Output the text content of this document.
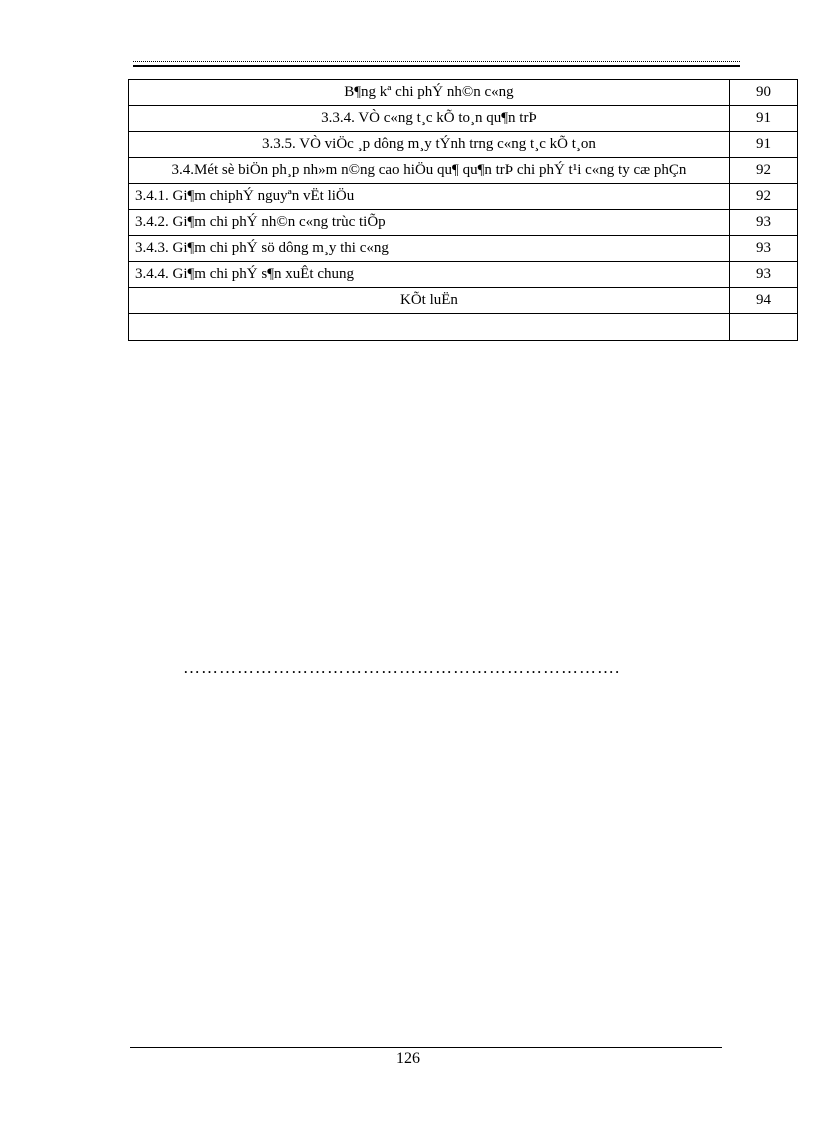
B¶ng kª chi phÝ nh©n c«ng	90
3.3.4. VÒ c«ng t¸c kÕ to¸n qu¶n trÞ	91
3.3.5. VÒ viÖc ¸p dông m¸y tÝnh trng c«ng t¸c kÕ t¸on	91
3.4.Mét sè biÖn ph¸p nh»m n©ng cao hiÖu qu¶ qu¶n trÞ chi phÝ t¹i c«ng ty cæ phÇn	92
3.4.1. Gi¶m chiphÝ nguyªn vËt liÖu	92
3.4.2. Gi¶m chi phÝ nh©n c«ng trùc tiÕp	93
3.4.3. Gi¶m chi phÝ sö dông m¸y thi c«ng	93
3.4.4. Gi¶m chi phÝ s¶n xuÊt chung	93
KÕt luËn	94

……………………………………………………………….
126
